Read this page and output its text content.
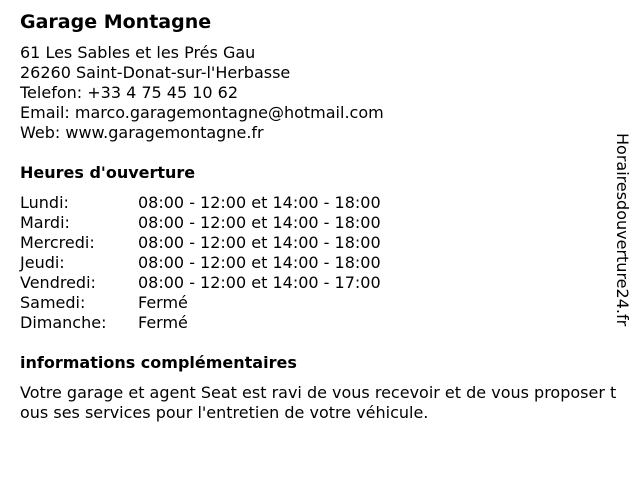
Garage Montagne
61 Les Sables et les Prés Gau
26260 Saint-Donat-sur-l'Herbasse
Telefon: +33 4 75 45 10 62
Email: marco.garagemontagne@hotmail.com
Web: www.garagemontagne.fr
Heures d'ouverture
Lundi:	08:00 - 12:00 et 14:00 - 18:00
Mardi:	08:00 - 12:00 et 14:00 - 18:00
Mercredi:	08:00 - 12:00 et 14:00 - 18:00
Jeudi:	08:00 - 12:00 et 14:00 - 18:00
Vendredi:	08:00 - 12:00 et 14:00 - 17:00
Samedi:	Fermé
Dimanche:	Fermé
informations complémentaires
Votre garage et agent Seat est ravi de vous recevoir et de vous proposer tous ses services pour l'entretien de votre véhicule.
Horairesdouverture24.fr
